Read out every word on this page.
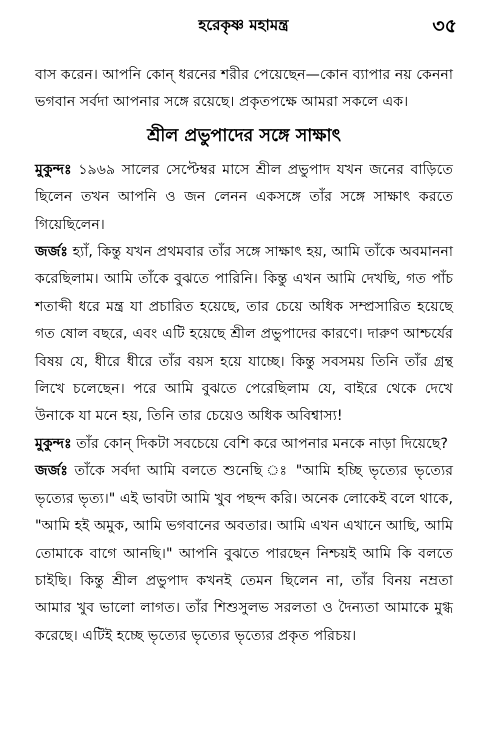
হরেকৃষ্ণ মহামন্ত্র	৩৫

বাস করেন। আপনি কোন্ ধরনের শরীর পেয়েছেন—কোন ব্যাপার নয় কেননা ভগবান সর্বদা আপনার সঙ্গে রয়েছে। প্রকৃতপক্ষে আমরা সকলে এক।

শ্রীল প্রভুপাদের সঙ্গে সাক্ষাৎ

মুকুন্দঃ ১৯৬৯ সালের সেপ্টেম্বর মাসে শ্রীল প্রভুপাদ যখন জনের বাড়িতে ছিলেন তখন আপনি ও জন লেনন একসঙ্গে তাঁর সঙ্গে সাক্ষাৎ করতে গিয়েছিলেন।

জর্জঃ হ্যাঁ, কিন্তু যখন প্রথমবার তাঁর সঙ্গে সাক্ষাৎ হয়, আমি তাঁকে অবমাননা করেছিলাম। আমি তাঁকে বুঝতে পারিনি। কিন্তু এখন আমি দেখছি, গত পাঁচ শতাব্দী ধরে মন্ত্র যা প্রচারিত হয়েছে, তার চেয়ে অধিক সম্প্রসারিত হয়েছে গত ষোল বছরে, এবং এটি হয়েছে শ্রীল প্রভুপাদের কারণে। দারুণ আশ্চর্যের বিষয় যে, ধীরে ধীরে তাঁর বয়স হয়ে যাচ্ছে। কিন্তু সবসময় তিনি তাঁর গ্রন্থ লিখে চলেছেন। পরে আমি বুঝতে পেরেছিলাম যে, বাইরে থেকে দেখে উনাকে যা মনে হয়, তিনি তার চেয়েও অধিক অবিশ্বাস্য!

মুকুন্দঃ তাঁর কোন্ দিকটা সবচেয়ে বেশি করে আপনার মনকে নাড়া দিয়েছে?

জর্জঃ তাঁকে সর্বদা আমি বলতে শুনেছি ঃ "আমি হচ্ছি ভৃত্যের ভৃত্যের ভৃত্যের ভৃত্য।" এই ভাবটা আমি খুব পছন্দ করি। অনেক লোকেই বলে থাকে, "আমি হই অমুক, আমি ভগবানের অবতার। আমি এখন এখানে আছি, আমি তোমাকে বাগে আনছি।" আপনি বুঝতে পারছেন নিশ্চয়ই আমি কি বলতে চাইছি। কিন্তু শ্রীল প্রভুপাদ কখনই তেমন ছিলেন না, তাঁর বিনয় নম্রতা আমার খুব ভালো লাগত। তাঁর শিশুসুলভ সরলতা ও দৈন্যতা আমাকে মুগ্ধ করেছে। এটিই হচ্ছে ভৃত্যের ভৃত্যের ভৃত্যের প্রকৃত পরিচয়।
